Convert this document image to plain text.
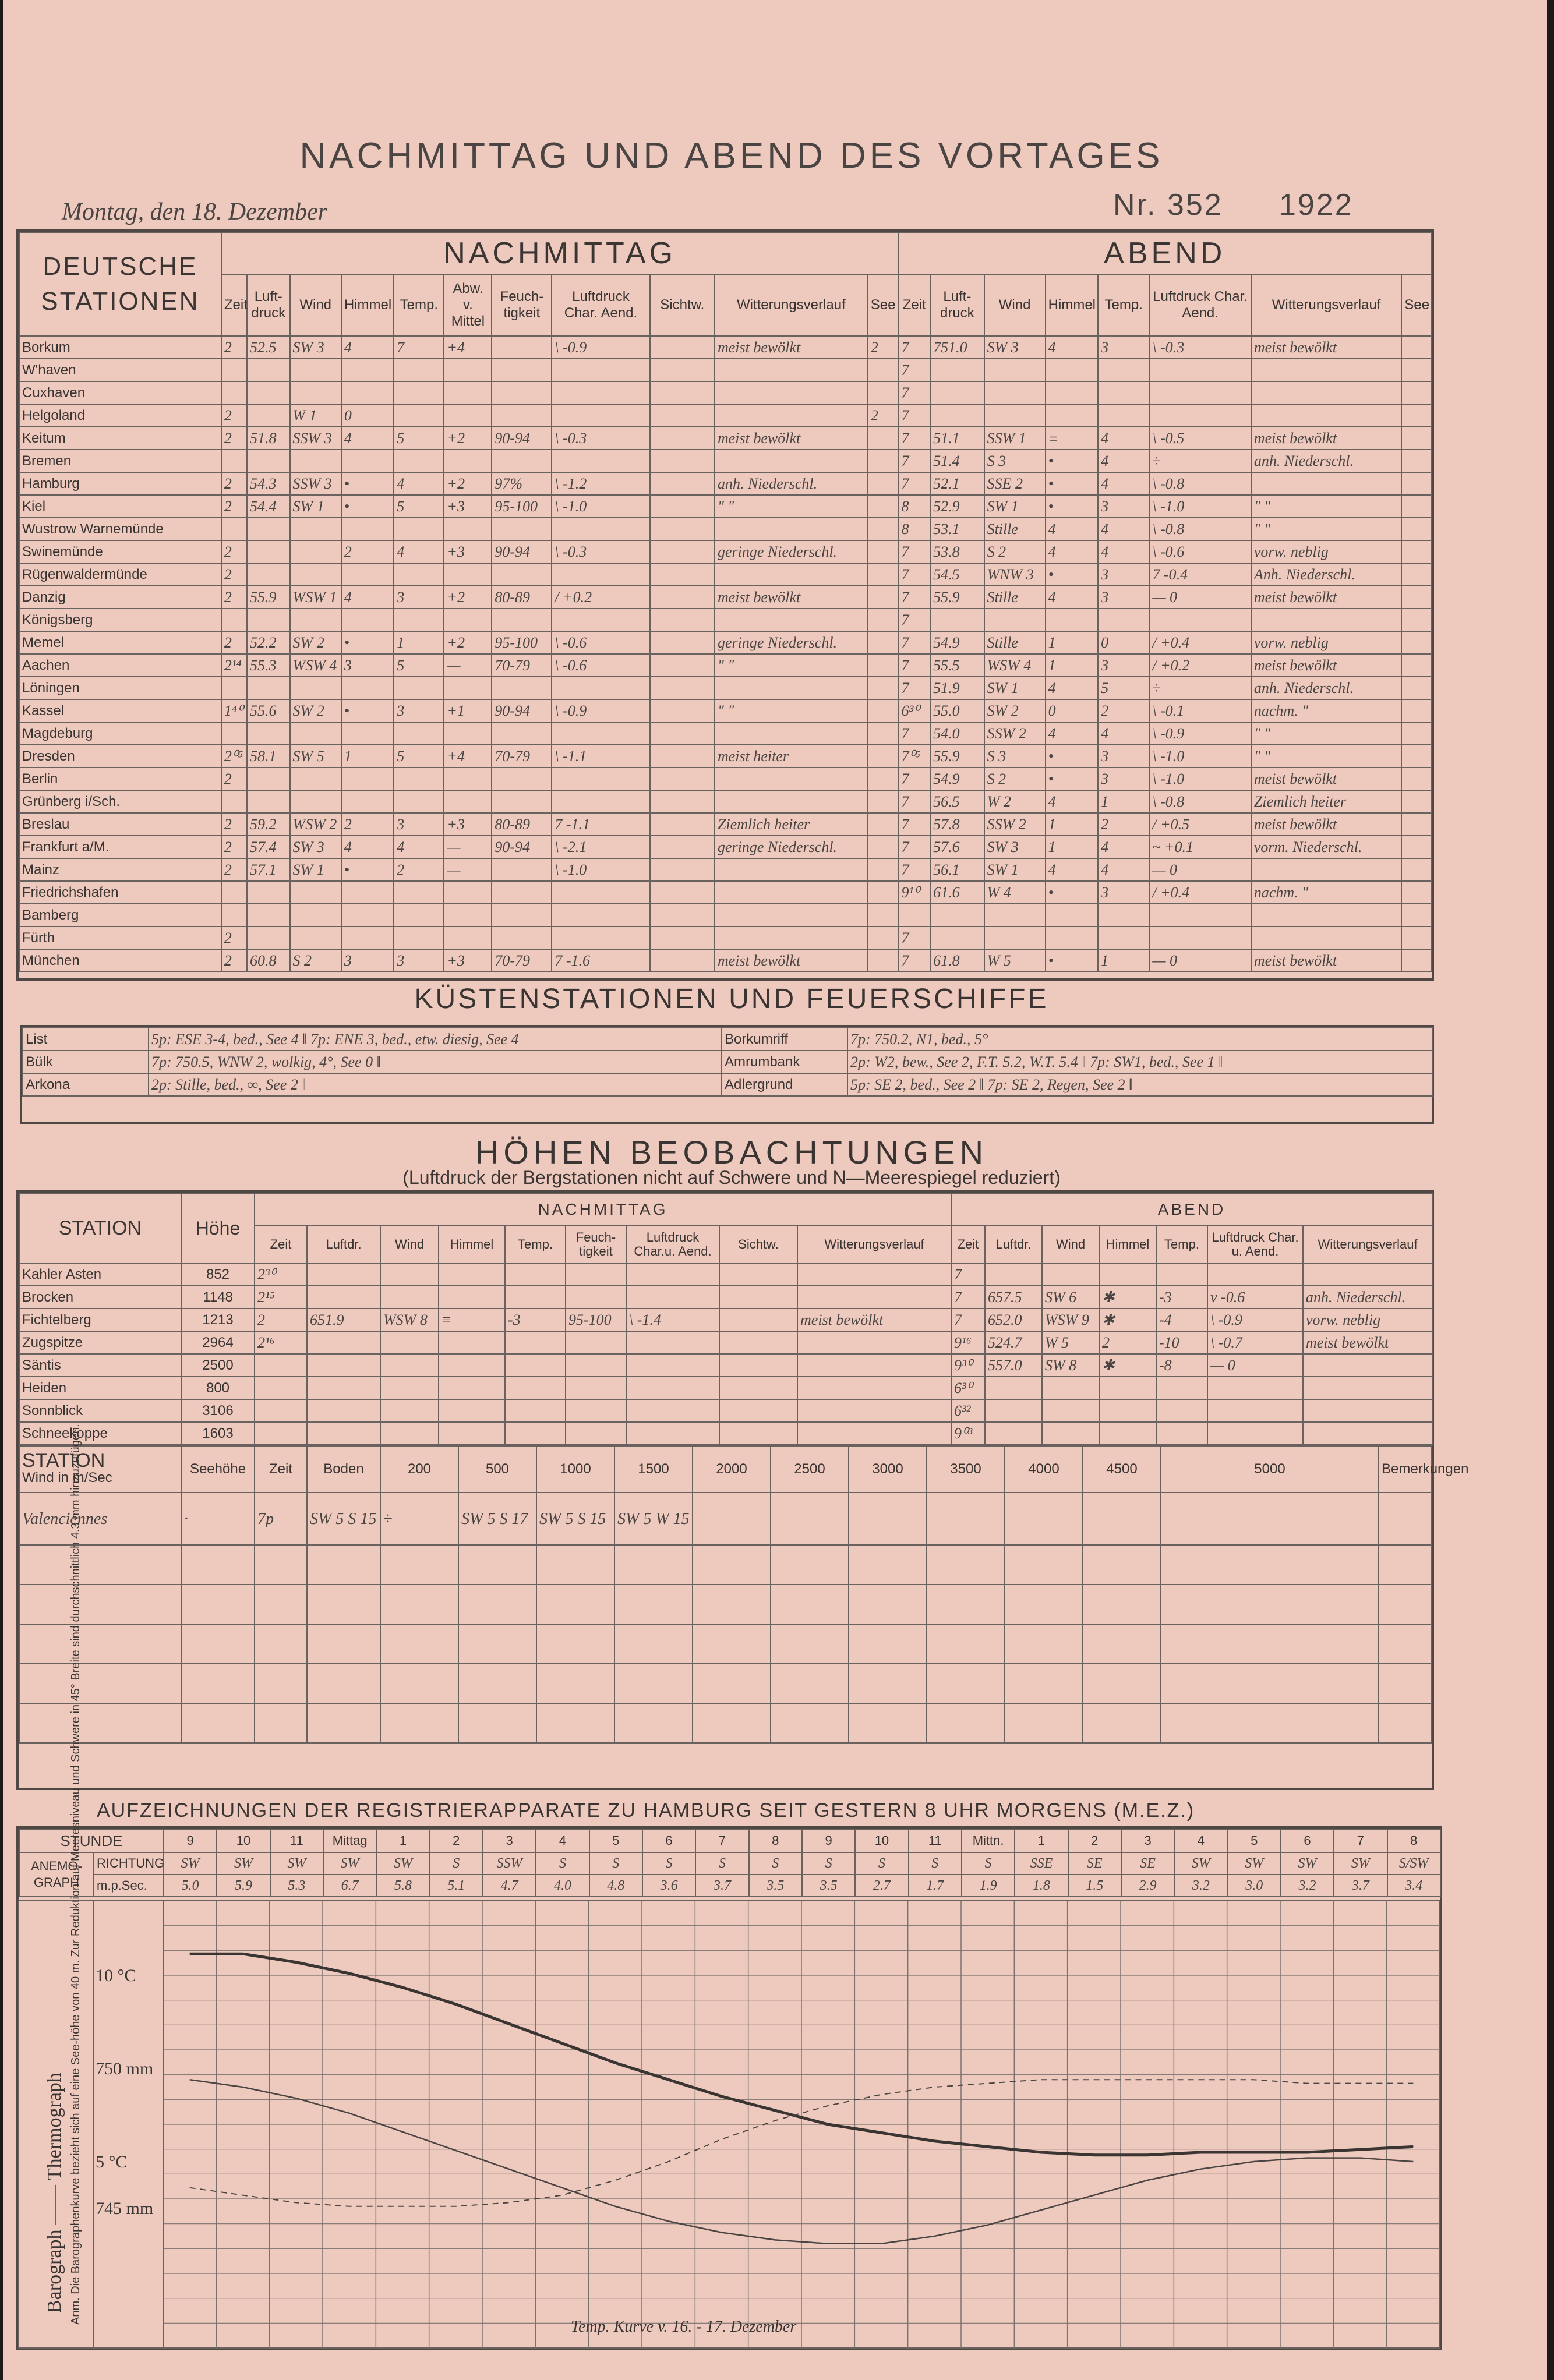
NACHMITTAG UND ABEND DES VORTAGES
Montag, den 18. Dezember	Nr. 352 1922
DEUTSCHE STATIONEN	NACHMITTAG											ABEND							
	Zeit	Luft-druck	Wind	Himmel	Temp.	Abw. v. Mittel	Feuch-tigkeit	Luftdruck Char. Aend.	Sichtw.	Witterungsverlauf	See	Zeit	Luft-druck	Wind	Himmel	Temp.	Luftdruck Char. Aend.	Witterungsverlauf	See
Borkum	2	52.5	SW 3	4	7	+4		\ -0.9		meist bewölkt	2	7	751.0	SW 3	4	3	\ -0.3	meist bewölkt	
W'haven												7							
Cuxhaven												7							
Helgoland	2		W 1	0							2	7							
Keitum	2	51.8	SSW 3	4	5	+2	90-94	\ -0.3		meist bewölkt		7	51.1	SSW 1	≡	4	\ -0.5	meist bewölkt	
Bremen												7	51.4	S 3	•	4	÷	anh. Niederschl.	
Hamburg	2	54.3	SSW 3	•	4	+2	97%	\ -1.2		anh. Niederschl.		7	52.1	SSE 2	•	4	\ -0.8		
Kiel	2	54.4	SW 1	•	5	+3	95-100	\ -1.0		" "		8	52.9	SW 1	•	3	\ -1.0	" "	
Wustrow Warnemünde												8	53.1	Stille	4	4	\ -0.8	" "	
Swinemünde	2			2	4	+3	90-94	\ -0.3		geringe Niederschl.		7	53.8	S 2	4	4	\ -0.6	vorw. neblig	
Rügenwaldermünde	2											7	54.5	WNW 3	•	3	7 -0.4	Anh. Niederschl.	
Danzig	2	55.9	WSW 1	4	3	+2	80-89	/ +0.2		meist bewölkt		7	55.9	Stille	4	3	— 0	meist bewölkt	
Königsberg												7							
Memel	2	52.2	SW 2	•	1	+2	95-100	\ -0.6		geringe Niederschl.		7	54.9	Stille	1	0	/ +0.4	vorw. neblig	
Aachen	2¹⁴	55.3	WSW 4	3	5	—	70-79	\ -0.6		" "		7	55.5	WSW 4	1	3	/ +0.2	meist bewölkt	
Löningen												7	51.9	SW 1	4	5	÷	anh. Niederschl.	
Kassel	1⁴⁰	55.6	SW 2	•	3	+1	90-94	\ -0.9		" "		6³⁰	55.0	SW 2	0	2	\ -0.1	nachm. "	
Magdeburg												7	54.0	SSW 2	4	4	\ -0.9	" "	
Dresden	2⁰⁵	58.1	SW 5	1	5	+4	70-79	\ -1.1		meist heiter		7⁰⁵	55.9	S 3	•	3	\ -1.0	" "	
Berlin	2											7	54.9	S 2	•	3	\ -1.0	meist bewölkt	
Grünberg i/Sch.												7	56.5	W 2	4	1	\ -0.8	Ziemlich heiter	
Breslau	2	59.2	WSW 2	2	3	+3	80-89	7 -1.1		Ziemlich heiter		7	57.8	SSW 2	1	2	/ +0.5	meist bewölkt	
Frankfurt a/M.	2	57.4	SW 3	4	4	—	90-94	\ -2.1		geringe Niederschl.		7	57.6	SW 3	1	4	~ +0.1	vorm. Niederschl.	
Mainz	2	57.1	SW 1	•	2	—		\ -1.0				7	56.1	SW 1	4	4	— 0		
Friedrichshafen												9¹⁰	61.6	W 4	•	3	/ +0.4	nachm. "	
Bamberg																			
Fürth	2											7							
München	2	60.8	S 2	3	3	+3	70-79	7 -1.6		meist bewölkt		7	61.8	W 5	•	1	— 0	meist bewölkt	
KÜSTENSTATIONEN UND FEUERSCHIFFE
List	5p: ESE 3-4, bed., See 4 ‖ 7p: ENE 3, bed., etw. diesig, See 4	Borkumriff	7p: 750.2, N1, bed., 5°
Bülk	7p: 750.5, WNW 2, wolkig, 4°, See 0 ‖	Amrumbank	2p: W2, bew., See 2, F.T. 5.2, W.T. 5.4 ‖ 7p: SW1, bed., See 1 ‖
Arkona	2p: Stille, bed., ∞, See 2 ‖	Adlergrund	5p: SE 2, bed., See 2 ‖ 7p: SE 2, Regen, See 2 ‖
HÖHEN BEOBACHTUNGEN
(Luftdruck der Bergstationen nicht auf Schwere und N—Meerespiegel reduziert)
STATION	Höhe	NACHMITTAG									ABEND							
		Zeit	Luftdr.	Wind	Himmel	Temp.	Feuch-tigkeit	Luftdruck Char.u. Aend.	Sichtw.	Witterungsverlauf	Zeit	Luftdr.	Wind	Himmel	Temp.	Luftdruck Char. u. Aend.	Witterungsverlauf	
Kahler Asten	852	2³⁰									7							
Brocken	1148	2¹⁵									7	657.5	SW 6	✱	-3	v -0.6	anh. Niederschl.	
Fichtelberg	1213	2	651.9	WSW 8	≡	-3	95-100	\ -1.4		meist bewölkt	7	652.0	WSW 9	✱	-4	\ -0.9	vorw. neblig	
Zugspitze	2964	2¹⁶									9¹⁶	524.7	W 5	2	-10	\ -0.7	meist bewölkt	
Säntis	2500										9³⁰	557.0	SW 8	✱	-8	— 0		
Heiden	800										6³⁰							
Sonnblick	3106										6³²							
Schneekoppe	1603										9⁰³							
STATION
Wind in m/Sec	Seehöhe	Zeit	Boden	200	500	1000	1500	2000	2500	3000	3500	4000	4500	5000	Bemerkungen
Valenciennes	·	7p	SW 5 S 15	÷	SW 5 S 17	SW 5 S 15	SW 5 W 15								

AUFZEICHNUNGEN DER REGISTRIERAPPARATE ZU HAMBURG SEIT GESTERN 8 UHR MORGENS (M.E.Z.)
STUNDE		9	10	11	Mittag	1	2	3	4	5	6	7	8	9	10	11	Mittn.	1	2	3	4	5	6	7	8
ANEMO-
GRAPH	RICHTUNG	SW	SW	SW	SW	SW	S	SSW	S	S	S	S	S	S	S	S	S	SSE	SE	SE	SW	SW	SW	SW	S/SW
	m.p.Sec.	5.0	5.9	5.3	6.7	5.8	5.1	4.7	4.0	4.8	3.6	3.7	3.5	3.5	2.7	1.7	1.9	1.8	1.5	2.9	3.2	3.0	3.2	3.7	3.4
750 mm
10 °C
745 mm
5 °C
Temp. Kurve v. 16. - 17. Dezember
Barograph —— Thermograph Anm. Die Barographenkurve bezieht sich auf eine See-höhe von 40 m. Zur Reduktion auf Meeresniveau und Schwere in 45° Breite sind durchschnittlich 4.3 mm hinzuzufügen.
